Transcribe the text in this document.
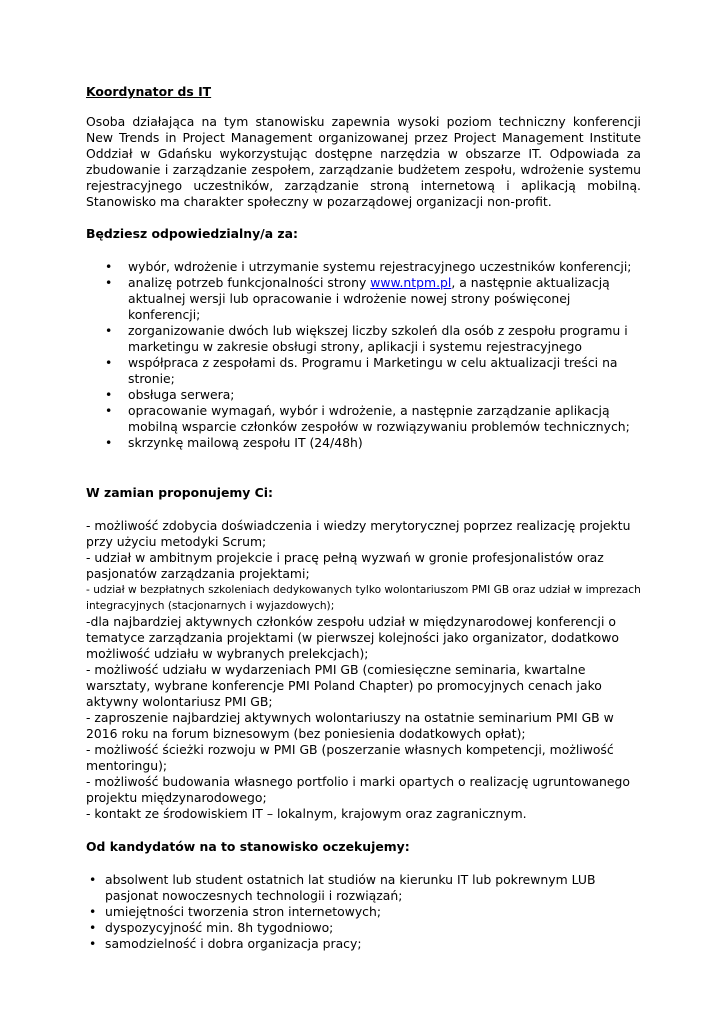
Koordynator ds IT

Osoba działająca na tym stanowisku zapewnia wysoki poziom techniczny konferencji New Trends in Project Management organizowanej przez Project Management Institute Oddział w Gdańsku wykorzystując dostępne narzędzia w obszarze IT. Odpowiada za zbudowanie i zarządzanie zespołem, zarządzanie budżetem zespołu, wdrożenie systemu rejestracyjnego uczestników, zarządzanie stroną internetową i aplikacją mobilną. Stanowisko ma charakter społeczny w pozarządowej organizacji non-profit.

Będziesz odpowiedzialny/a za:
• wybór, wdrożenie i utrzymanie systemu rejestracyjnego uczestników konferencji;
• analizę potrzeb funkcjonalności strony www.ntpm.pl, a następnie aktualizacją aktualnej wersji lub opracowanie i wdrożenie nowej strony poświęconej konferencji;
• zorganizowanie dwóch lub większej liczby szkoleń dla osób z zespołu programu i marketingu w zakresie obsługi strony, aplikacji i systemu rejestracyjnego
• współpraca z zespołami ds. Programu i Marketingu w celu aktualizacji treści na stronie;
• obsługa serwera;
• opracowanie wymagań, wybór i wdrożenie, a następnie zarządzanie aplikacją mobilną wsparcie członków zespołów w rozwiązywaniu problemów technicznych;
• skrzynkę mailową zespołu IT (24/48h)
W zamian proponujemy Ci:

- możliwość zdobycia doświadczenia i wiedzy merytorycznej poprzez realizację projektu przy użyciu metodyki Scrum;

- udział w ambitnym projekcie i pracę pełną wyzwań w gronie profesjonalistów oraz pasjonatów zarządzania projektami;

- udział w bezpłatnych szkoleniach dedykowanych tylko wolontariuszom PMI GB oraz udział w imprezach integracyjnych (stacjonarnych i wyjazdowych);

-dla najbardziej aktywnych członków zespołu udział w międzynarodowej konferencji o tematyce zarządzania projektami (w pierwszej kolejności jako organizator, dodatkowo możliwość udziału w wybranych prelekcjach);

- możliwość udziału w wydarzeniach PMI GB (comiesięczne seminaria, kwartalne warsztaty, wybrane konferencje PMI Poland Chapter) po promocyjnych cenach jako aktywny wolontariusz PMI GB;

- zaproszenie najbardziej aktywnych wolontariuszy na ostatnie seminarium PMI GB w 2016 roku na forum biznesowym (bez poniesienia dodatkowych opłat);

- możliwość ścieżki rozwoju w PMI GB (poszerzanie własnych kompetencji, możliwość mentoringu);

- możliwość budowania własnego portfolio i marki opartych o realizację ugruntowanego projektu międzynarodowego;

- kontakt ze środowiskiem IT – lokalnym, krajowym oraz zagranicznym.

Od kandydatów na to stanowisko oczekujemy:
• absolwent lub student ostatnich lat studiów na kierunku IT lub pokrewnym LUB pasjonat nowoczesnych technologii i rozwiązań;
• umiejętności tworzenia stron internetowych;
• dyspozycyjność min. 8h tygodniowo;
• samodzielność i dobra organizacja pracy;
